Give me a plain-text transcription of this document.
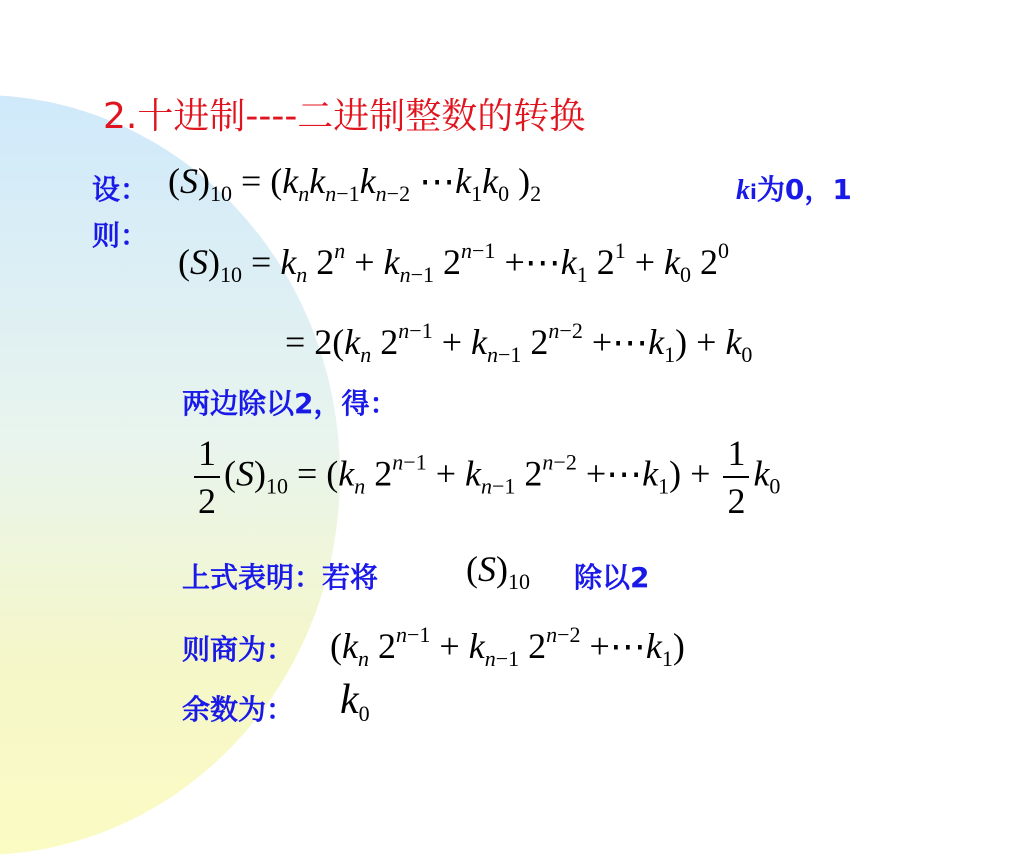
2.十进制----二进制整数的转换
设： $(S)_{10} = (k_nk_{n-1}k_{n-2}$ $\cdots k_1k_0$ )$_2$	ki为0，1
则：
$(S)_{10} = k_n$ $2^n + k_{n-1}$ $2^{n-1}$ $+\cdots k_1$ $2^1 + k_0$ $2^0$
= $2(k_n$ $2^{n-1} + k_{n-1}$ $2^{n-2}$ $+\cdots k_1) + k_0$
两边除以2，得：
$\frac{1}{2} (S)_{10} = (k_n$ $2^{n-1} + k_{n-1}$ $2^{n-2}$ $+\cdots k_1) + \frac{1}{2} k_0$
上式表明：若将 $(S)_{10}$ 除以2
则商为： ($k_n$ $2^{n-1} + k_{n-1}$ $2^{n-2}$ $+\cdots k_1$)
余数为： $k_0$
